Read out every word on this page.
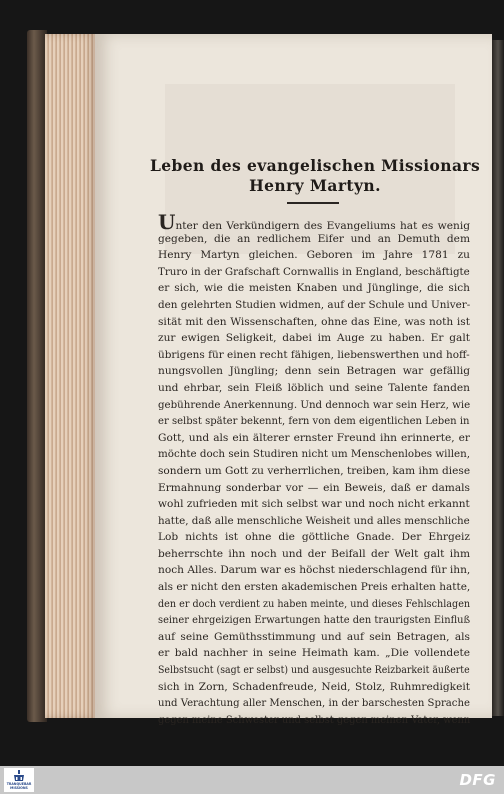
Leben des evangelischen Missionars
Henry Martyn.
Unter den Verkündigern des Evangeliums hat es wenig
gegeben, die an redlichem Eifer und an Demuth dem
Henry Martyn gleichen. Geboren im Jahre 1781 zu
Truro in der Grafschaft Cornwallis in England, beschäftigte
er sich, wie die meisten Knaben und Jünglinge, die sich
den gelehrten Studien widmen, auf der Schule und Univer-
sität mit den Wissenschaften, ohne das Eine, was noth ist
zur ewigen Seligkeit, dabei im Auge zu haben. Er galt
übrigens für einen recht fähigen, liebenswerthen und hoff-
nungsvollen Jüngling; denn sein Betragen war gefällig
und ehrbar, sein Fleiß löblich und seine Talente fanden
gebührende Anerkennung. Und dennoch war sein Herz, wie
er selbst später bekennt, fern von dem eigentlichen Leben in
Gott, und als ein älterer ernster Freund ihn erinnerte, er
möchte doch sein Studiren nicht um Menschenlobes willen,
sondern um Gott zu verherrlichen, treiben, kam ihm diese
Ermahnung sonderbar vor — ein Beweis, daß er damals
wohl zufrieden mit sich selbst war und noch nicht erkannt
hatte, daß alle menschliche Weisheit und alles menschliche
Lob nichts ist ohne die göttliche Gnade. Der Ehrgeiz
beherrschte ihn noch und der Beifall der Welt galt ihm
noch Alles. Darum war es höchst niederschlagend für ihn,
als er nicht den ersten akademischen Preis erhalten hatte,
den er doch verdient zu haben meinte, und dieses Fehlschlagen
seiner ehrgeizigen Erwartungen hatte den traurigsten Einfluß
auf seine Gemüthsstimmung und auf sein Betragen, als
er bald nachher in seine Heimath kam. „Die vollendete
Selbstsucht (sagt er selbst) und ausgesuchte Reizbarkeit äußerte
sich in Zorn, Schadenfreude, Neid, Stolz, Ruhmredigkeit
und Verachtung aller Menschen, in der barschesten Sprache
gegen meine Schwester und selbst gegen meinen Vater, wenn
TRANQUEBAR MISSIONS	DFG
